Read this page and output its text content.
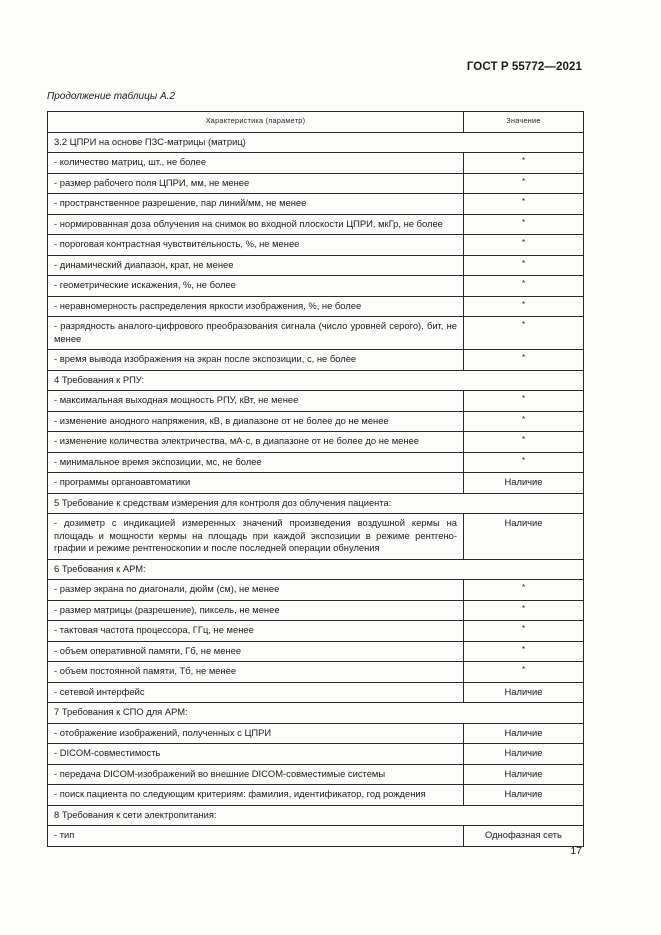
ГОСТ Р 55772—2021
Продолжение таблицы А.2
Характеристика (параметр)	Значение
3.2 ЦПРИ на основе ПЗС-матрицы (матриц)	
- количество матриц, шт., не более	*
- размер рабочего поля ЦПРИ, мм, не менее	*
- пространственное разрешение, пар линий/мм, не менее	*
- нормированная доза облучения на снимок во входной плоскости ЦПРИ, мкГр, не более	*
- пороговая контрастная чувствительность, %, не менее	*
- динамический диапазон, крат, не менее	*
- геометрические искажения, %, не более	*
- неравномерность распределения яркости изображения, %, не более	*
- разрядность аналого-цифрового преобразования сигнала (число уровней серого), бит, не менее	*
- время вывода изображения на экран после экспозиции, с, не более	*
4 Требования к РПУ:	
- максимальная выходная мощность РПУ, кВт, не менее	*
- изменение анодного напряжения, кВ, в диапазоне от не более до не менее	*
- изменение количества электричества, мА·с, в диапазоне от не более до не менее	*
- минимальное время экспозиции, мс, не более	*
- программы органоавтоматики	Наличие
5 Требование к средствам измерения для контроля доз облучения пациента:	
- дозиметр с индикацией измеренных значений произведения воздушной кермы на площадь и мощности кермы на площадь при каждой экспозиции в режиме рентгено-графии и режиме рентгеноскопии и после последней операции обнуления	Наличие
6 Требования к АРМ:	
- размер экрана по диагонали, дюйм (см), не менее	*
- размер матрицы (разрешение), пиксель, не менее	*
- тактовая частота процессора, ГГц, не менее	*
- объем оперативной памяти, Гб, не менее	*
- объем постоянной памяти, Тб, не менее	*
- сетевой интерфейс	Наличие
7 Требования к СПО для АРМ:	
- отображение изображений, полученных с ЦПРИ	Наличие
- DICOM-совместимость	Наличие
- передача DICOM-изображений во внешние DICOM-совместимые системы	Наличие
- поиск пациента по следующим критериям: фамилия, идентификатор, год рождения	Наличие
8 Требования к сети электропитания:	
- тип	Однофазная сеть
17
